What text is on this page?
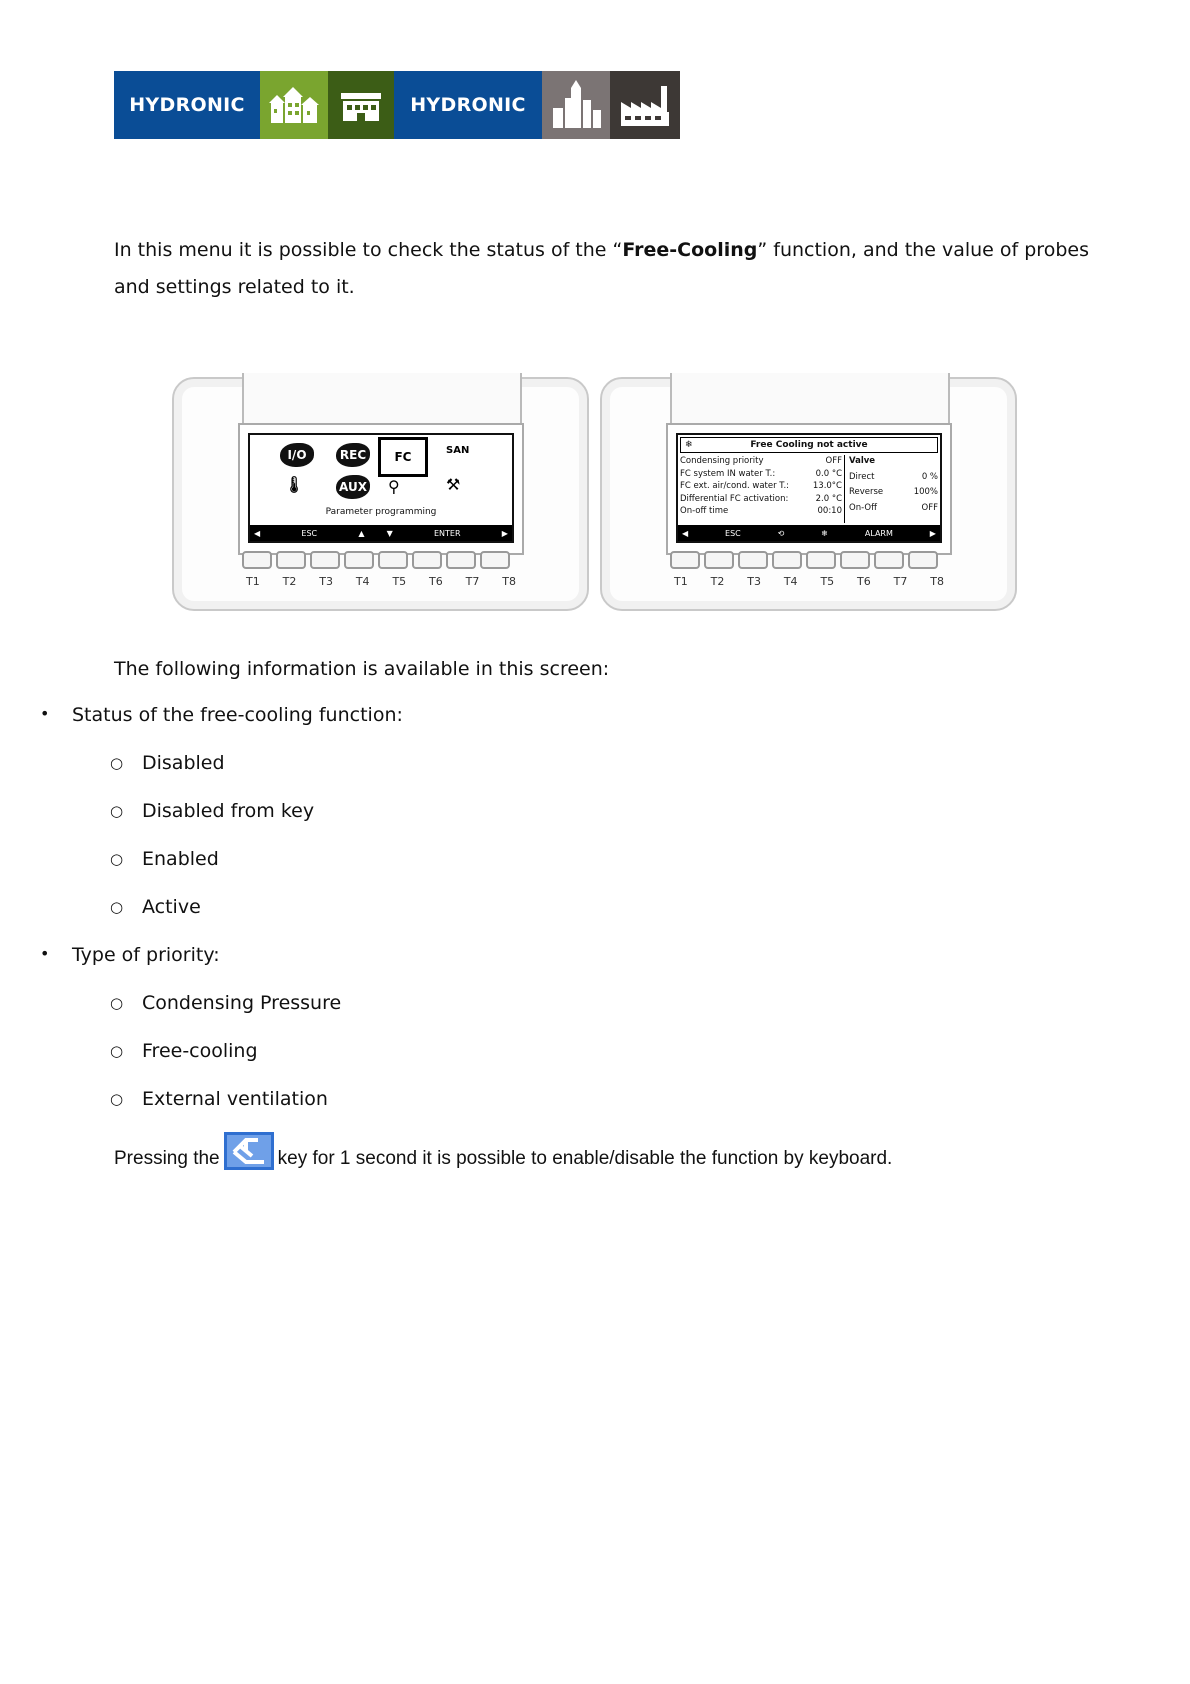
HYDRONIC	HYDRONIC
In this menu it is possible to check the status of the “Free-Cooling” function, and the value of probes and settings related to it.
I/O	REC FC	SAN
🌡	AUX ⚲	⚒
Parameter programming
◀	ESC	▲	▼	ENTER	▶
T1 T2 T3 T4 T5 T6 T7 T8
❄	Free Cooling not active
Condensing priority	OFF
FC system IN water T.:	0.0 °C
FC ext. air/cond. water T.:	13.0°C
Differential FC activation:	2.0 °C
On-off time	00:10
Valve
Direct	0 %
Reverse	100%
On-Off	OFF
◀	ESC	⟲	❄	ALARM	▶
T1 T2 T3 T4 T5 T6 T7 T8
The following information is available in this screen:
•	Status of the free-cooling function:
○ Disabled
○ Disabled from key
○ Enabled
○ Active
•	Type of priority:
○ Condensing Pressure
○ Free-cooling
○ External ventilation
Pressing the	key for 1 second it is possible to enable/disable the function by keyboard.
